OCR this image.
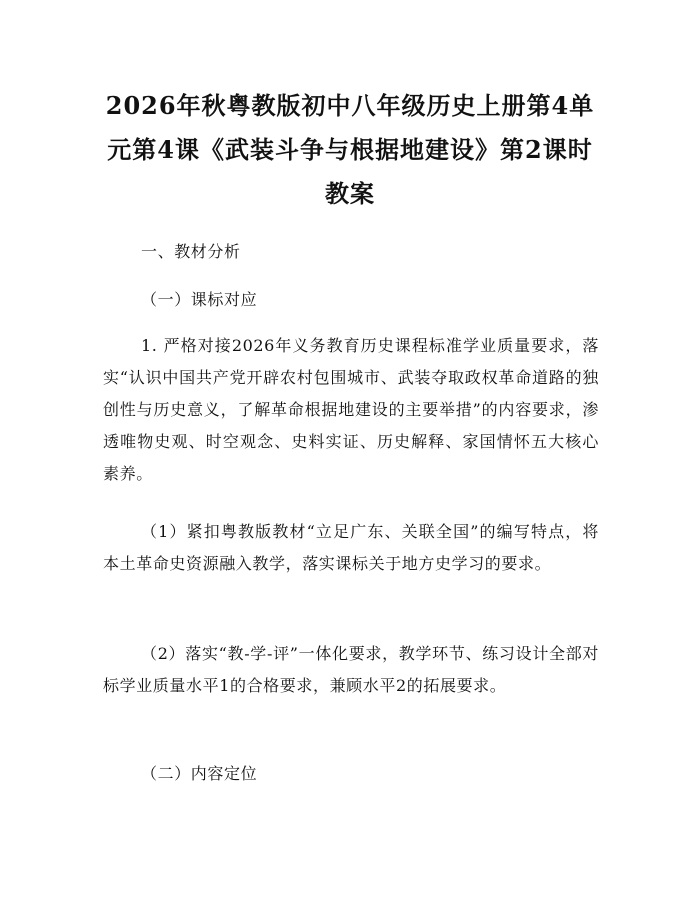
2026年秋粤教版初中八年级历史上册第4单元第4课《武装斗争与根据地建设》第2课时教案

一、教材分析

（一）课标对应

1. 严格对接2026年义务教育历史课程标准学业质量要求，落实“认识中国共产党开辟农村包围城市、武装夺取政权革命道路的独创性与历史意义，了解革命根据地建设的主要举措”的内容要求，渗透唯物史观、时空观念、史料实证、历史解释、家国情怀五大核心素养。

（1）紧扣粤教版教材“立足广东、关联全国”的编写特点，将本土革命史资源融入教学，落实课标关于地方史学习的要求。

（2）落实“教-学-评”一体化要求，教学环节、练习设计全部对标学业质量水平1的合格要求，兼顾水平2的拓展要求。

（二）内容定位
